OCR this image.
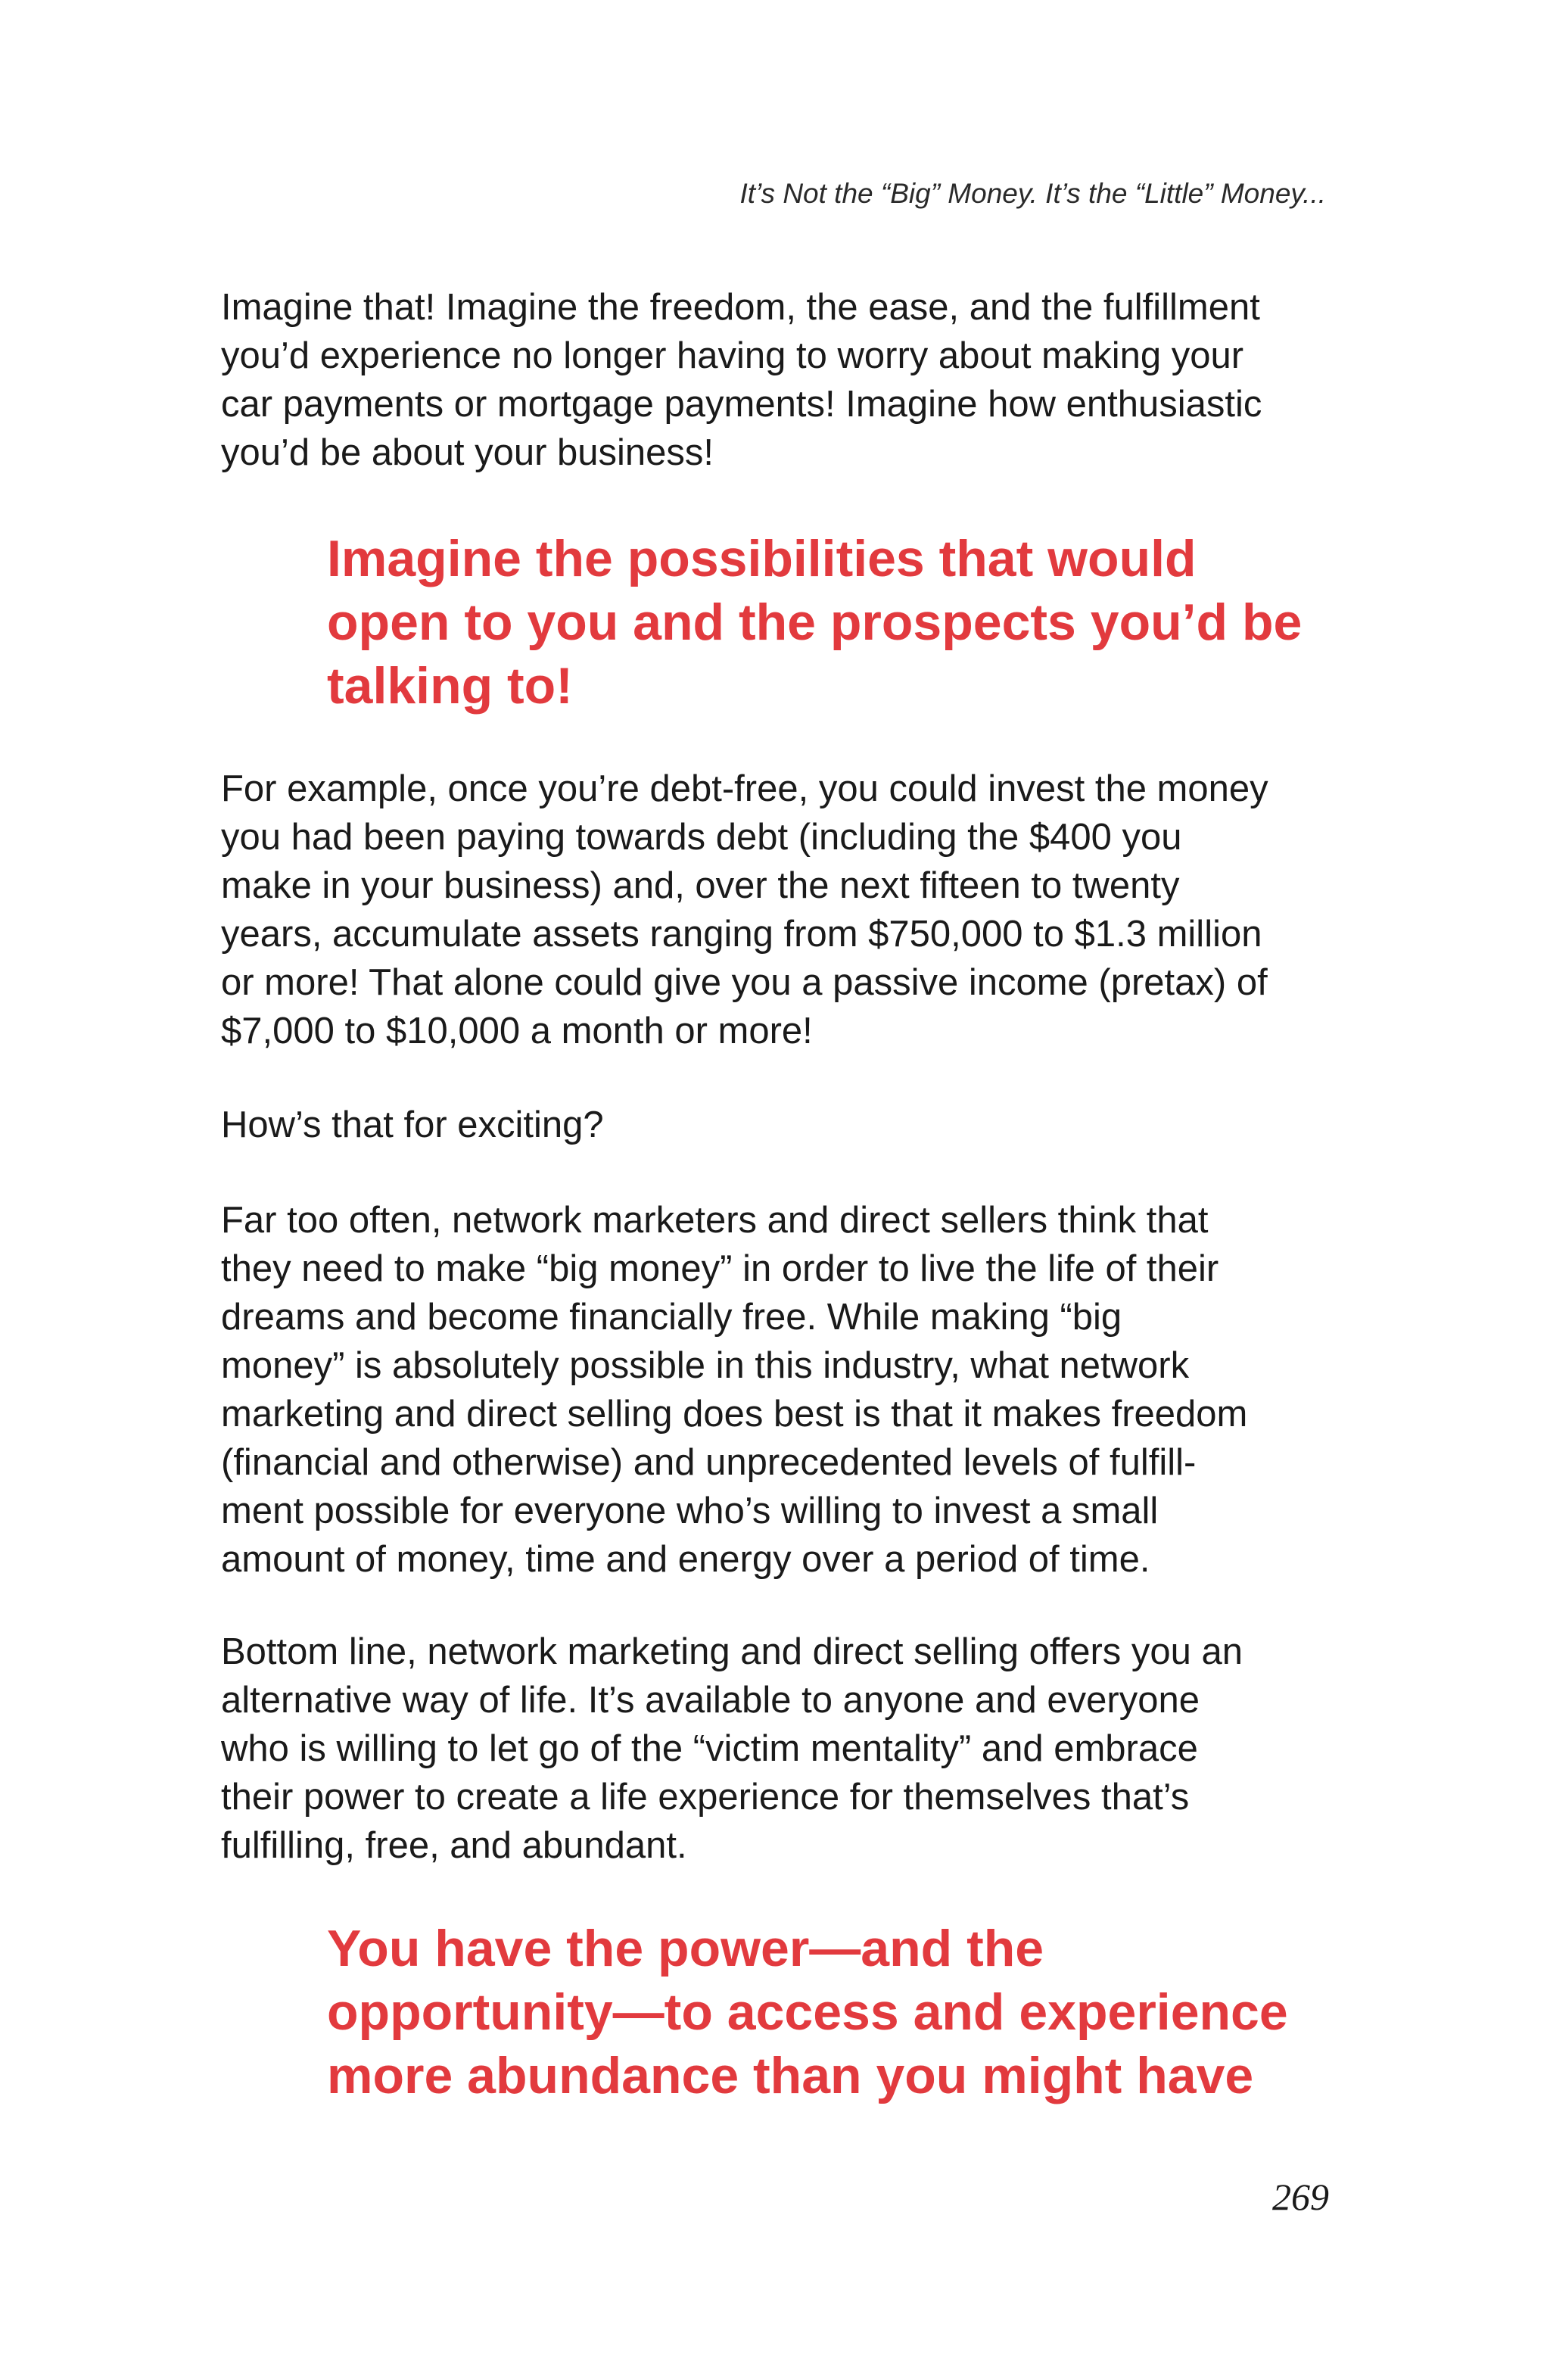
It’s Not the “Big” Money. It’s the “Little” Money...

Imagine that! Imagine the freedom, the ease, and the fulfillment
you’d experience no longer having to worry about making your
car payments or mortgage payments! Imagine how enthusiastic
you’d be about your business!

Imagine the possibilities that would
open to you and the prospects you’d be
talking to!

For example, once you’re debt-free, you could invest the money
you had been paying towards debt (including the $400 you
make in your business) and, over the next fifteen to twenty
years, accumulate assets ranging from $750,000 to $1.3 million
or more! That alone could give you a passive income (pretax) of
$7,000 to $10,000 a month or more!

How’s that for exciting?

Far too often, network marketers and direct sellers think that
they need to make “big money” in order to live the life of their
dreams and become financially free. While making “big
money” is absolutely possible in this industry, what network
marketing and direct selling does best is that it makes freedom
(financial and otherwise) and unprecedented levels of fulfill-
ment possible for everyone who’s willing to invest a small
amount of money, time and energy over a period of time.

Bottom line, network marketing and direct selling offers you an
alternative way of life. It’s available to anyone and everyone
who is willing to let go of the “victim mentality” and embrace
their power to create a life experience for themselves that’s
fulfilling, free, and abundant.

You have the power—and the
opportunity—to access and experience
more abundance than you might have
269
